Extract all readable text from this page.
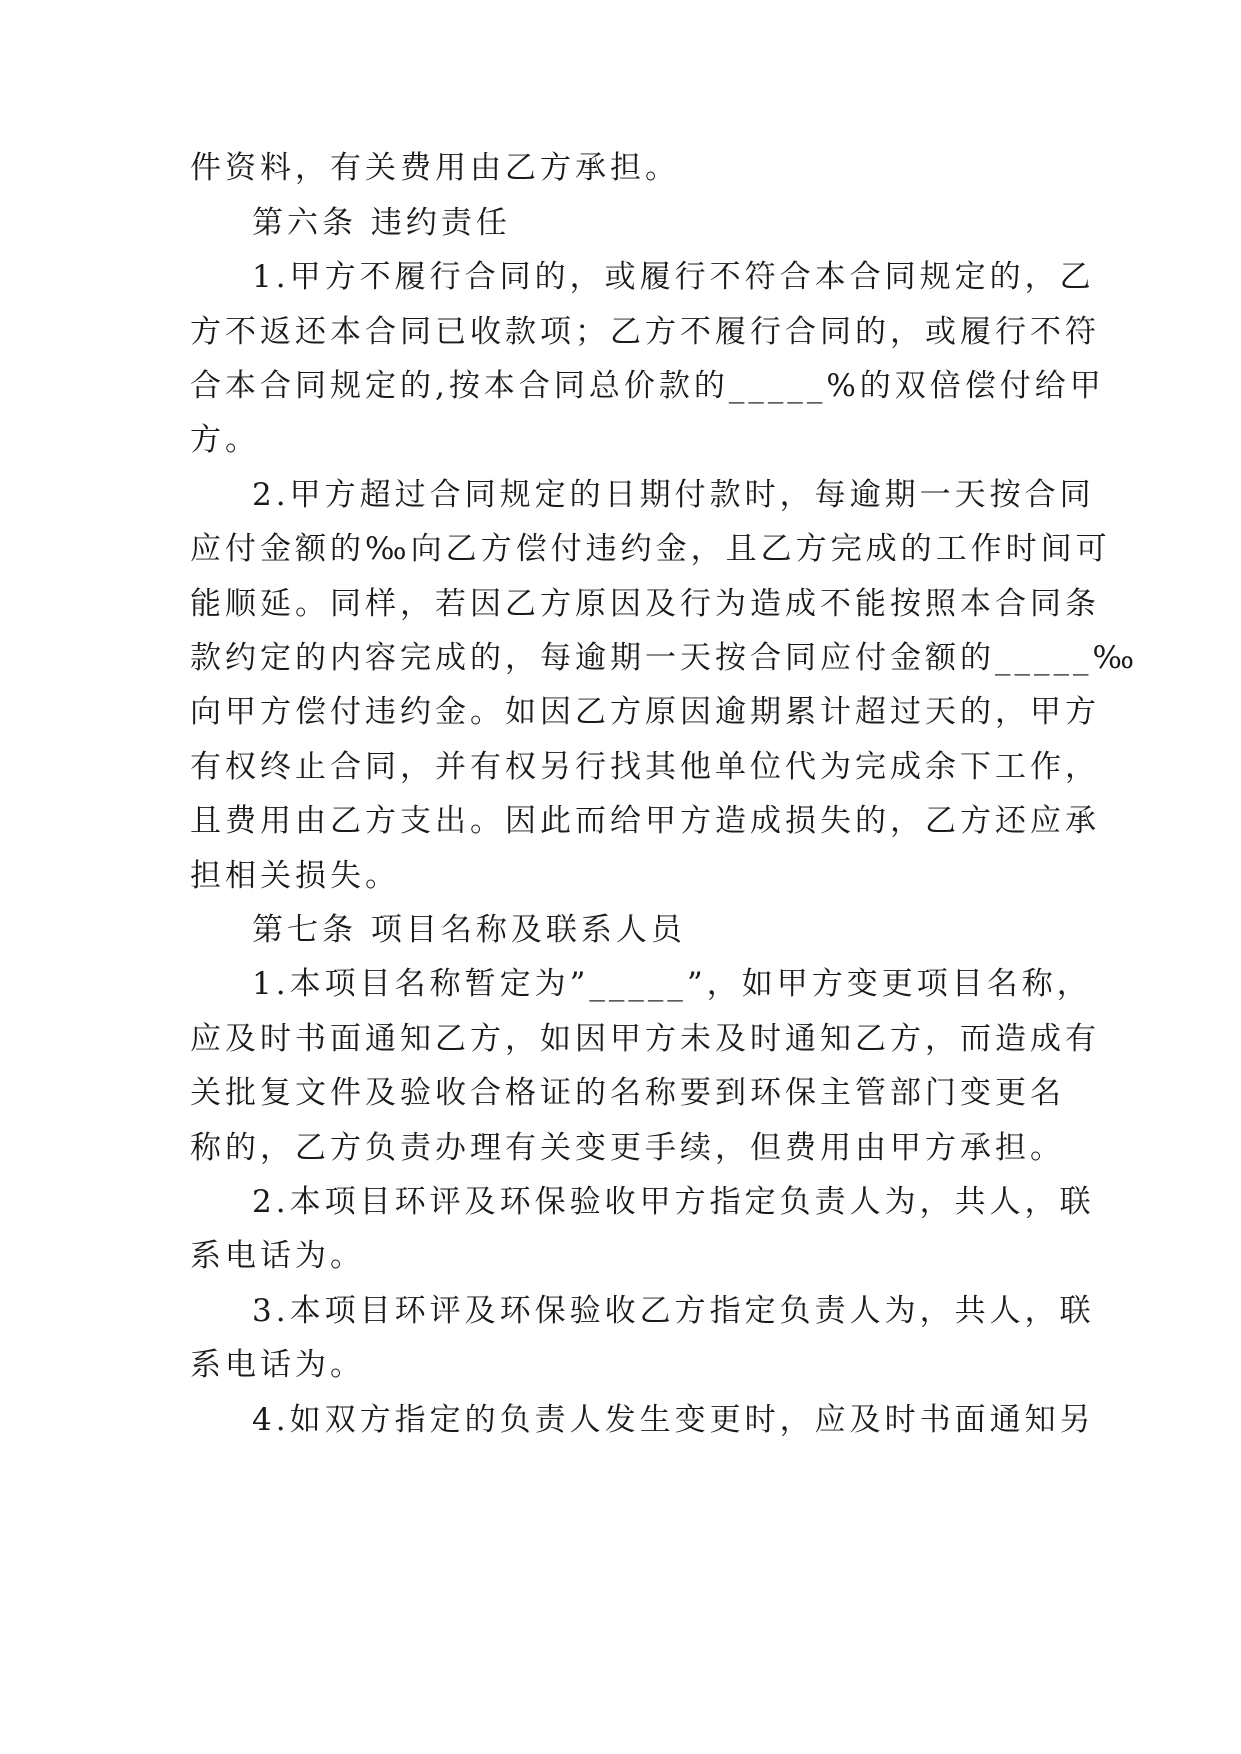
件资料，有关费用由乙方承担。
第六条 违约责任
1.甲方不履行合同的，或履行不符合本合同规定的，乙
方不返还本合同已收款项；乙方不履行合同的，或履行不符
合本合同规定的,按本合同总价款的_____%的双倍偿付给甲
方。
2.甲方超过合同规定的日期付款时，每逾期一天按合同
应付金额的‰向乙方偿付违约金，且乙方完成的工作时间可
能顺延。同样，若因乙方原因及行为造成不能按照本合同条
款约定的内容完成的，每逾期一天按合同应付金额的_____‰
向甲方偿付违约金。如因乙方原因逾期累计超过天的，甲方
有权终止合同，并有权另行找其他单位代为完成余下工作，
且费用由乙方支出。因此而给甲方造成损失的，乙方还应承
担相关损失。
第七条 项目名称及联系人员
1.本项目名称暂定为”_____”，如甲方变更项目名称，
应及时书面通知乙方，如因甲方未及时通知乙方，而造成有
关批复文件及验收合格证的名称要到环保主管部门变更名
称的，乙方负责办理有关变更手续，但费用由甲方承担。
2.本项目环评及环保验收甲方指定负责人为，共人，联
系电话为。
3.本项目环评及环保验收乙方指定负责人为，共人，联
系电话为。
4.如双方指定的负责人发生变更时，应及时书面通知另
